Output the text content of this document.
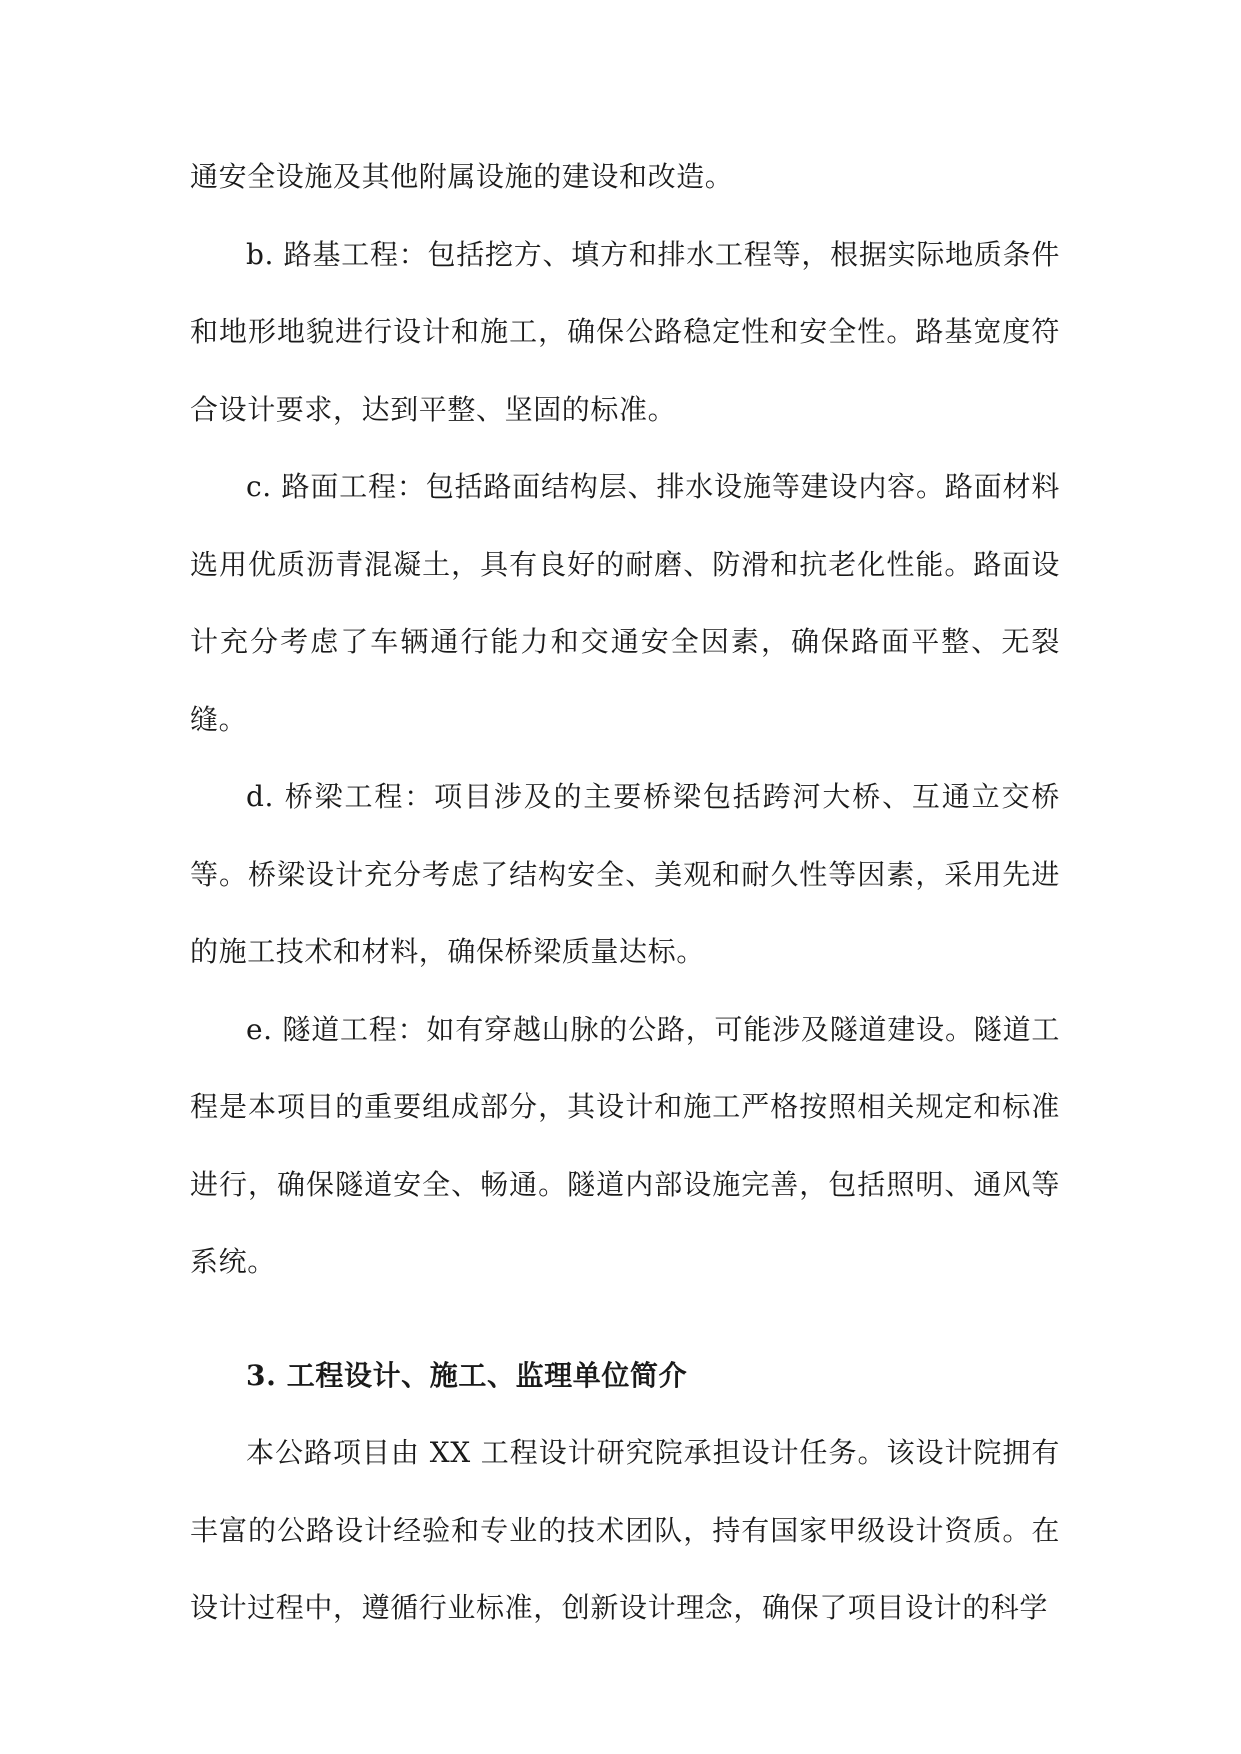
通安全设施及其他附属设施的建设和改造。

b. 路基工程：包括挖方、填方和排水工程等，根据实际地质条件和地形地貌进行设计和施工，确保公路稳定性和安全性。路基宽度符合设计要求，达到平整、坚固的标准。

c. 路面工程：包括路面结构层、排水设施等建设内容。路面材料选用优质沥青混凝土，具有良好的耐磨、防滑和抗老化性能。路面设计充分考虑了车辆通行能力和交通安全因素，确保路面平整、无裂缝。

d. 桥梁工程：项目涉及的主要桥梁包括跨河大桥、互通立交桥等。桥梁设计充分考虑了结构安全、美观和耐久性等因素，采用先进的施工技术和材料，确保桥梁质量达标。

e. 隧道工程：如有穿越山脉的公路，可能涉及隧道建设。隧道工程是本项目的重要组成部分，其设计和施工严格按照相关规定和标准进行，确保隧道安全、畅通。隧道内部设施完善，包括照明、通风等系统。

3. 工程设计、施工、监理单位简介

本公路项目由 XX 工程设计研究院承担设计任务。该设计院拥有丰富的公路设计经验和专业的技术团队，持有国家甲级设计资质。在设计过程中，遵循行业标准，创新设计理念，确保了项目设计的科学
